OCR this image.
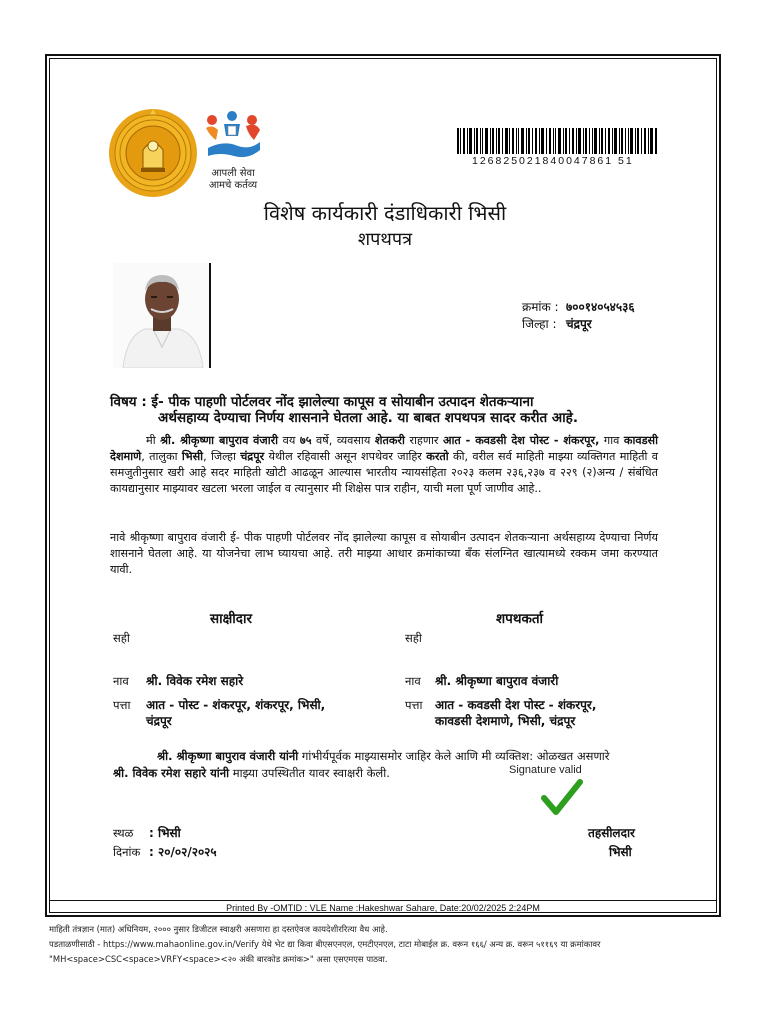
आपली सेवा
आमचे कर्तव्य
126825021840047861 51
विशेष कार्यकारी दंडाधिकारी भिसी
शपथपत्र
क्रमांक : ७००१४०५४५३६
जिल्हा : चंद्रपूर
विषय : ई- पीक पाहणी पोर्टलवर नोंद झालेल्या कापूस व सोयाबीन उत्पादन शेतकऱ्याना
अर्थसहाय्य देण्याचा निर्णय शासनाने घेतला आहे. या बाबत शपथपत्र सादर करीत आहे.
मी श्री. श्रीकृष्णा बापुराव वंजारी वय ७५ वर्षे, व्यवसाय शेतकरी राहणार आत - कवडसी देश पोस्ट - शंकरपूर, गाव कावडसी देशमाणे, तालुका भिसी, जिल्हा चंद्रपूर येथील रहिवासी असून शपथेवर जाहिर करतो की, वरील सर्व माहिती माझ्या व्यक्तिगत माहिती व समजुतीनुसार खरी आहे सदर माहिती खोटी आढळून आल्यास भारतीय न्यायसंहिता २०२३ कलम २३६,२३७ व २२९ (२)अन्य / संबंधित कायद्यानुसार माझ्यावर खटला भरला जाईल व त्यानुसार मी शिक्षेस पात्र राहीन, याची मला पूर्ण जाणीव आहे..
नावे श्रीकृष्णा बापुराव वंजारी ई- पीक पाहणी पोर्टलवर नोंद झालेल्या कापूस व सोयाबीन उत्पादन शेतकऱ्याना अर्थसहाय्य देण्याचा निर्णय शासनाने घेतला आहे. या योजनेचा लाभ घ्यायचा आहे. तरी माझ्या आधार क्रमांकाच्या बँक संलग्नित खात्यामध्ये रक्कम जमा करण्यात यावी.
साक्षीदार
सही
नाव श्री. विवेक रमेश सहारे
पत्ता आत - पोस्ट - शंकरपूर, शंकरपूर, भिसी,
चंद्रपूर
शपथकर्ता
सही
नाव श्री. श्रीकृष्णा बापुराव वंजारी
पत्ता आत - कवडसी देश पोस्ट - शंकरपूर,
कावडसी देशमाणे, भिसी, चंद्रपूर
श्री. श्रीकृष्णा बापुराव वंजारी यांनी गांभीर्यपूर्वक माझ्यासमोर जाहिर केले आणि मी व्यक्तिश: ओळखत असणारे
श्री. विवेक रमेश सहारे यांनी माझ्या उपस्थितीत यावर स्वाक्षरी केली.	Signature valid
स्थळ : भिसी
दिनांक : २०/०२/२०२५
तहसीलदार
भिसी
Printed By -OMTID : VLE Name :Hakeshwar Sahare, Date:20/02/2025 2:24PM
माहिती तंत्रज्ञान (मात) अधिनियम, २००० नुसार डिजीटल स्वाक्षरी असणारा हा दस्तऐवज कायदेशीररित्या वैध आहे.
पडताळणीसाठी - https://www.mahaonline.gov.in/Verify येथे भेट द्या किवा बीएसएनएल, एमटीएनएल, टाटा मोबाईल क्र. वरून १६६/ अन्य क्र. वरून ५११६९ या क्रमांकावर
"MH<space>CSC<space>VRFY<space><२० अंकी बारकोड क्रमांक>" असा एसएमएस पाठवा.
